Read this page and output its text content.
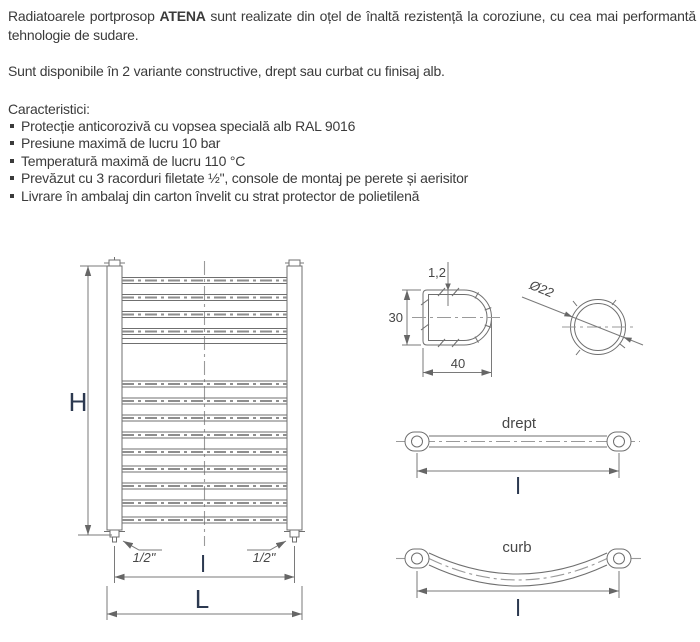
Radiatoarele portprosop ATENA sunt realizate din oțel de înaltă rezistență la coroziune, cu cea mai performantă tehnologie de sudare.

Sunt disponibile în 2 variante constructive, drept sau curbat cu finisaj alb.

Caracteristici:

Protecție anticorozivă cu vopsea specială alb RAL 9016
Presiune maximă de lucru 10 bar
Temperatură maximă de lucru 110 °C
Prevăzut cu 3 racorduri filetate ½", console de montaj pe perete și aerisitor
Livrare în ambalaj din carton învelit cu strat protector de polietilenă
H
1/2"	1/2"
l
L
1,2
30
40
Ø22
drept
l
curb
l
